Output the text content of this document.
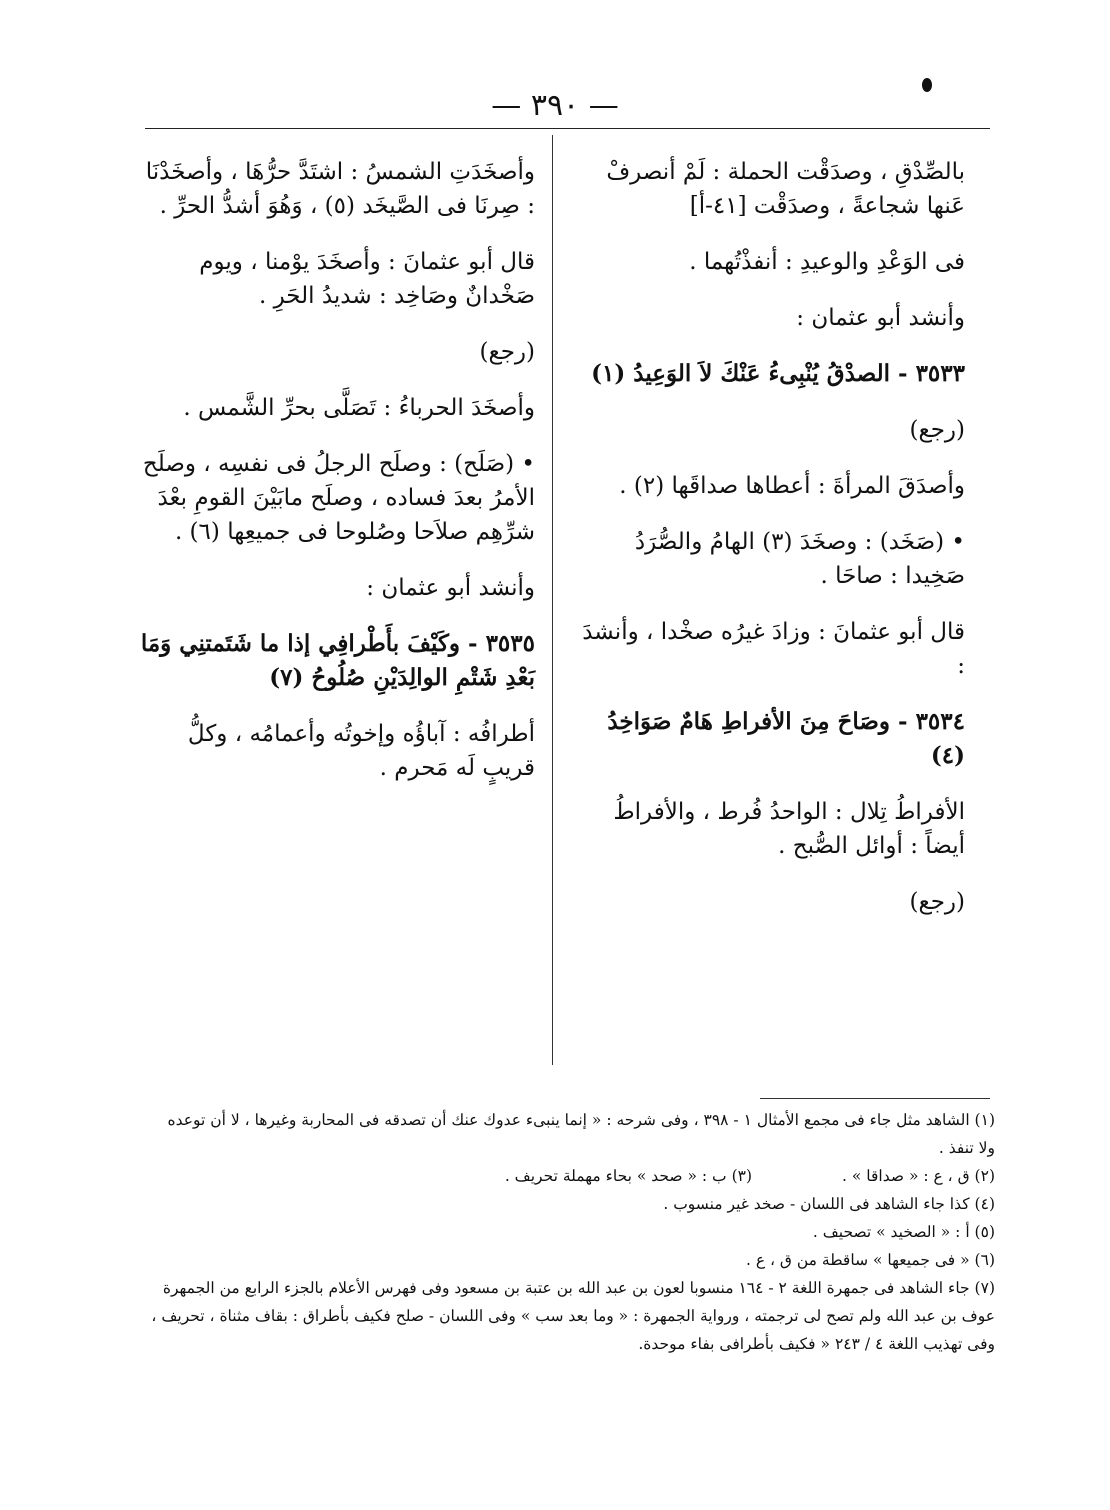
— ٣٩٠ —
بالصِّدْقِ ، وصدَقْت الحملة : لَمْ أنصرفْ عَنها شجاعةً ، وصدَقْت [٤١-أ]
فى الوَعْدِ والوعيدِ : أنفذْتُهما .
وأنشد أبو عثمان :
٣٥٣٣ - الصدْقُ يُنْبِىءُ عَنْكَ لاَ الوَعِيدُ (١)
(رجع)
وأصدَقَ المرأةَ : أعطاها صداقَها (٢) .
• (صَخَد) : وصخَدَ (٣) الهامُ والصُّرَدُ صَخِيدا : صاحَا .
قال أبو عثمانَ : وزادَ غيرُه صخْدا ، وأنشدَ :
٣٥٣٤ - وصَاحَ مِنَ الأفراطِ هَامٌ صَوَاخِدُ (٤)
الأفراطُ تِلال : الواحدُ فُرط ، والأفراطُ أيضاً : أوائل الصُّبح .
(رجع)
وأصخَدَتِ الشمسُ : اشتَدَّ حرُّهَا ، وأصخَدْنَا : صِرنَا فى الصَّيخَد (٥) ، وَهُوَ أشدُّ الحرِّ .
قال أبو عثمانَ : وأصخَدَ يوْمنا ، ويوم صَخْدانٌ وصَاخِد : شديدُ الحَرِ .
(رجع)
وأصخَدَ الحرباءُ : تَصَلَّى بحرِّ الشَّمس .
• (صَلَح) : وصلَح الرجلُ فى نفسِه ، وصلَح الأمرُ بعدَ فساده ، وصلَح مابَيْنَ القومِ بعْدَ شرِّهِم صلاَحا وصُلوحا فى جميعِها (٦) .
وأنشد أبو عثمان :
٣٥٣٥ - وكَيْفَ بأَطْرافِي إذا ما شَتَمتنِي وَمَا بَعْدِ شَتْمِ الوالِدَيْنِ صُلُوحُ (٧)
أطرافُه : آباؤُه وإخوتُه وأعمامُه ، وكلُّ قريبٍ لَه مَحرم .
(١) الشاهد مثل جاء فى مجمع الأمثال ١ - ٣٩٨ ، وفى شرحه : « إنما ينبىء عدوك عنك أن تصدقه فى المحاربة وغيرها ، لا أن توعده ولا تنفذ .
(٢) ق ، ع : « صداقا » .
(٣) ب : « صحد » بحاء مهملة تحريف .
(٤) كذا جاء الشاهد فى اللسان - صخد غير منسوب .
(٥) أ : « الصخيد » تصحيف .
(٦) « فى جميعها » ساقطة من ق ، ع .
(٧) جاء الشاهد فى جمهرة اللغة ٢ - ١٦٤ منسوبا لعون بن عبد الله بن عتبة بن مسعود وفى فهرس الأعلام بالجزء الرابع من الجمهرة عوف بن عبد الله ولم تصح لى ترجمته ، ورواية الجمهرة : « وما بعد سب » وفى اللسان - صلح فكيف بأطراق : بقاف مثناة ، تحريف ، وفى تهذيب اللغة ٤ / ٢٤٣ « فكيف بأطرافى بفاء موحدة.
